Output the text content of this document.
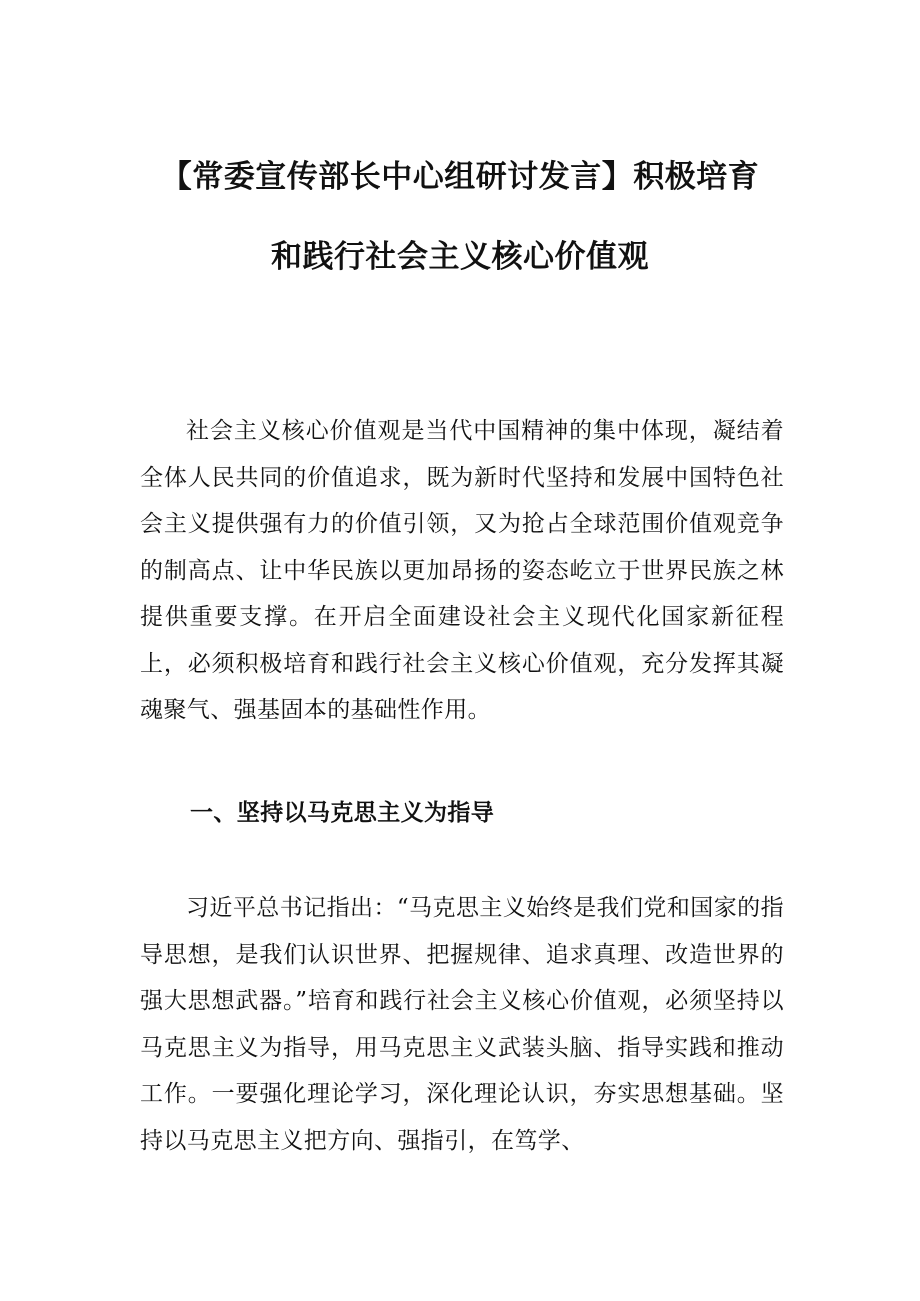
【常委宣传部长中心组研讨发言】积极培育
和践行社会主义核心价值观

社会主义核心价值观是当代中国精神的集中体现，凝结着全体人民共同的价值追求，既为新时代坚持和发展中国特色社会主义提供强有力的价值引领，又为抢占全球范围价值观竞争的制高点、让中华民族以更加昂扬的姿态屹立于世界民族之林提供重要支撑。在开启全面建设社会主义现代化国家新征程上，必须积极培育和践行社会主义核心价值观，充分发挥其凝魂聚气、强基固本的基础性作用。

一、坚持以马克思主义为指导

习近平总书记指出：“马克思主义始终是我们党和国家的指导思想，是我们认识世界、把握规律、追求真理、改造世界的强大思想武器。”培育和践行社会主义核心价值观，必须坚持以马克思主义为指导，用马克思主义武装头脑、指导实践和推动工作。一要强化理论学习，深化理论认识，夯实思想基础。坚持以马克思主义把方向、强指引，在笃学、
